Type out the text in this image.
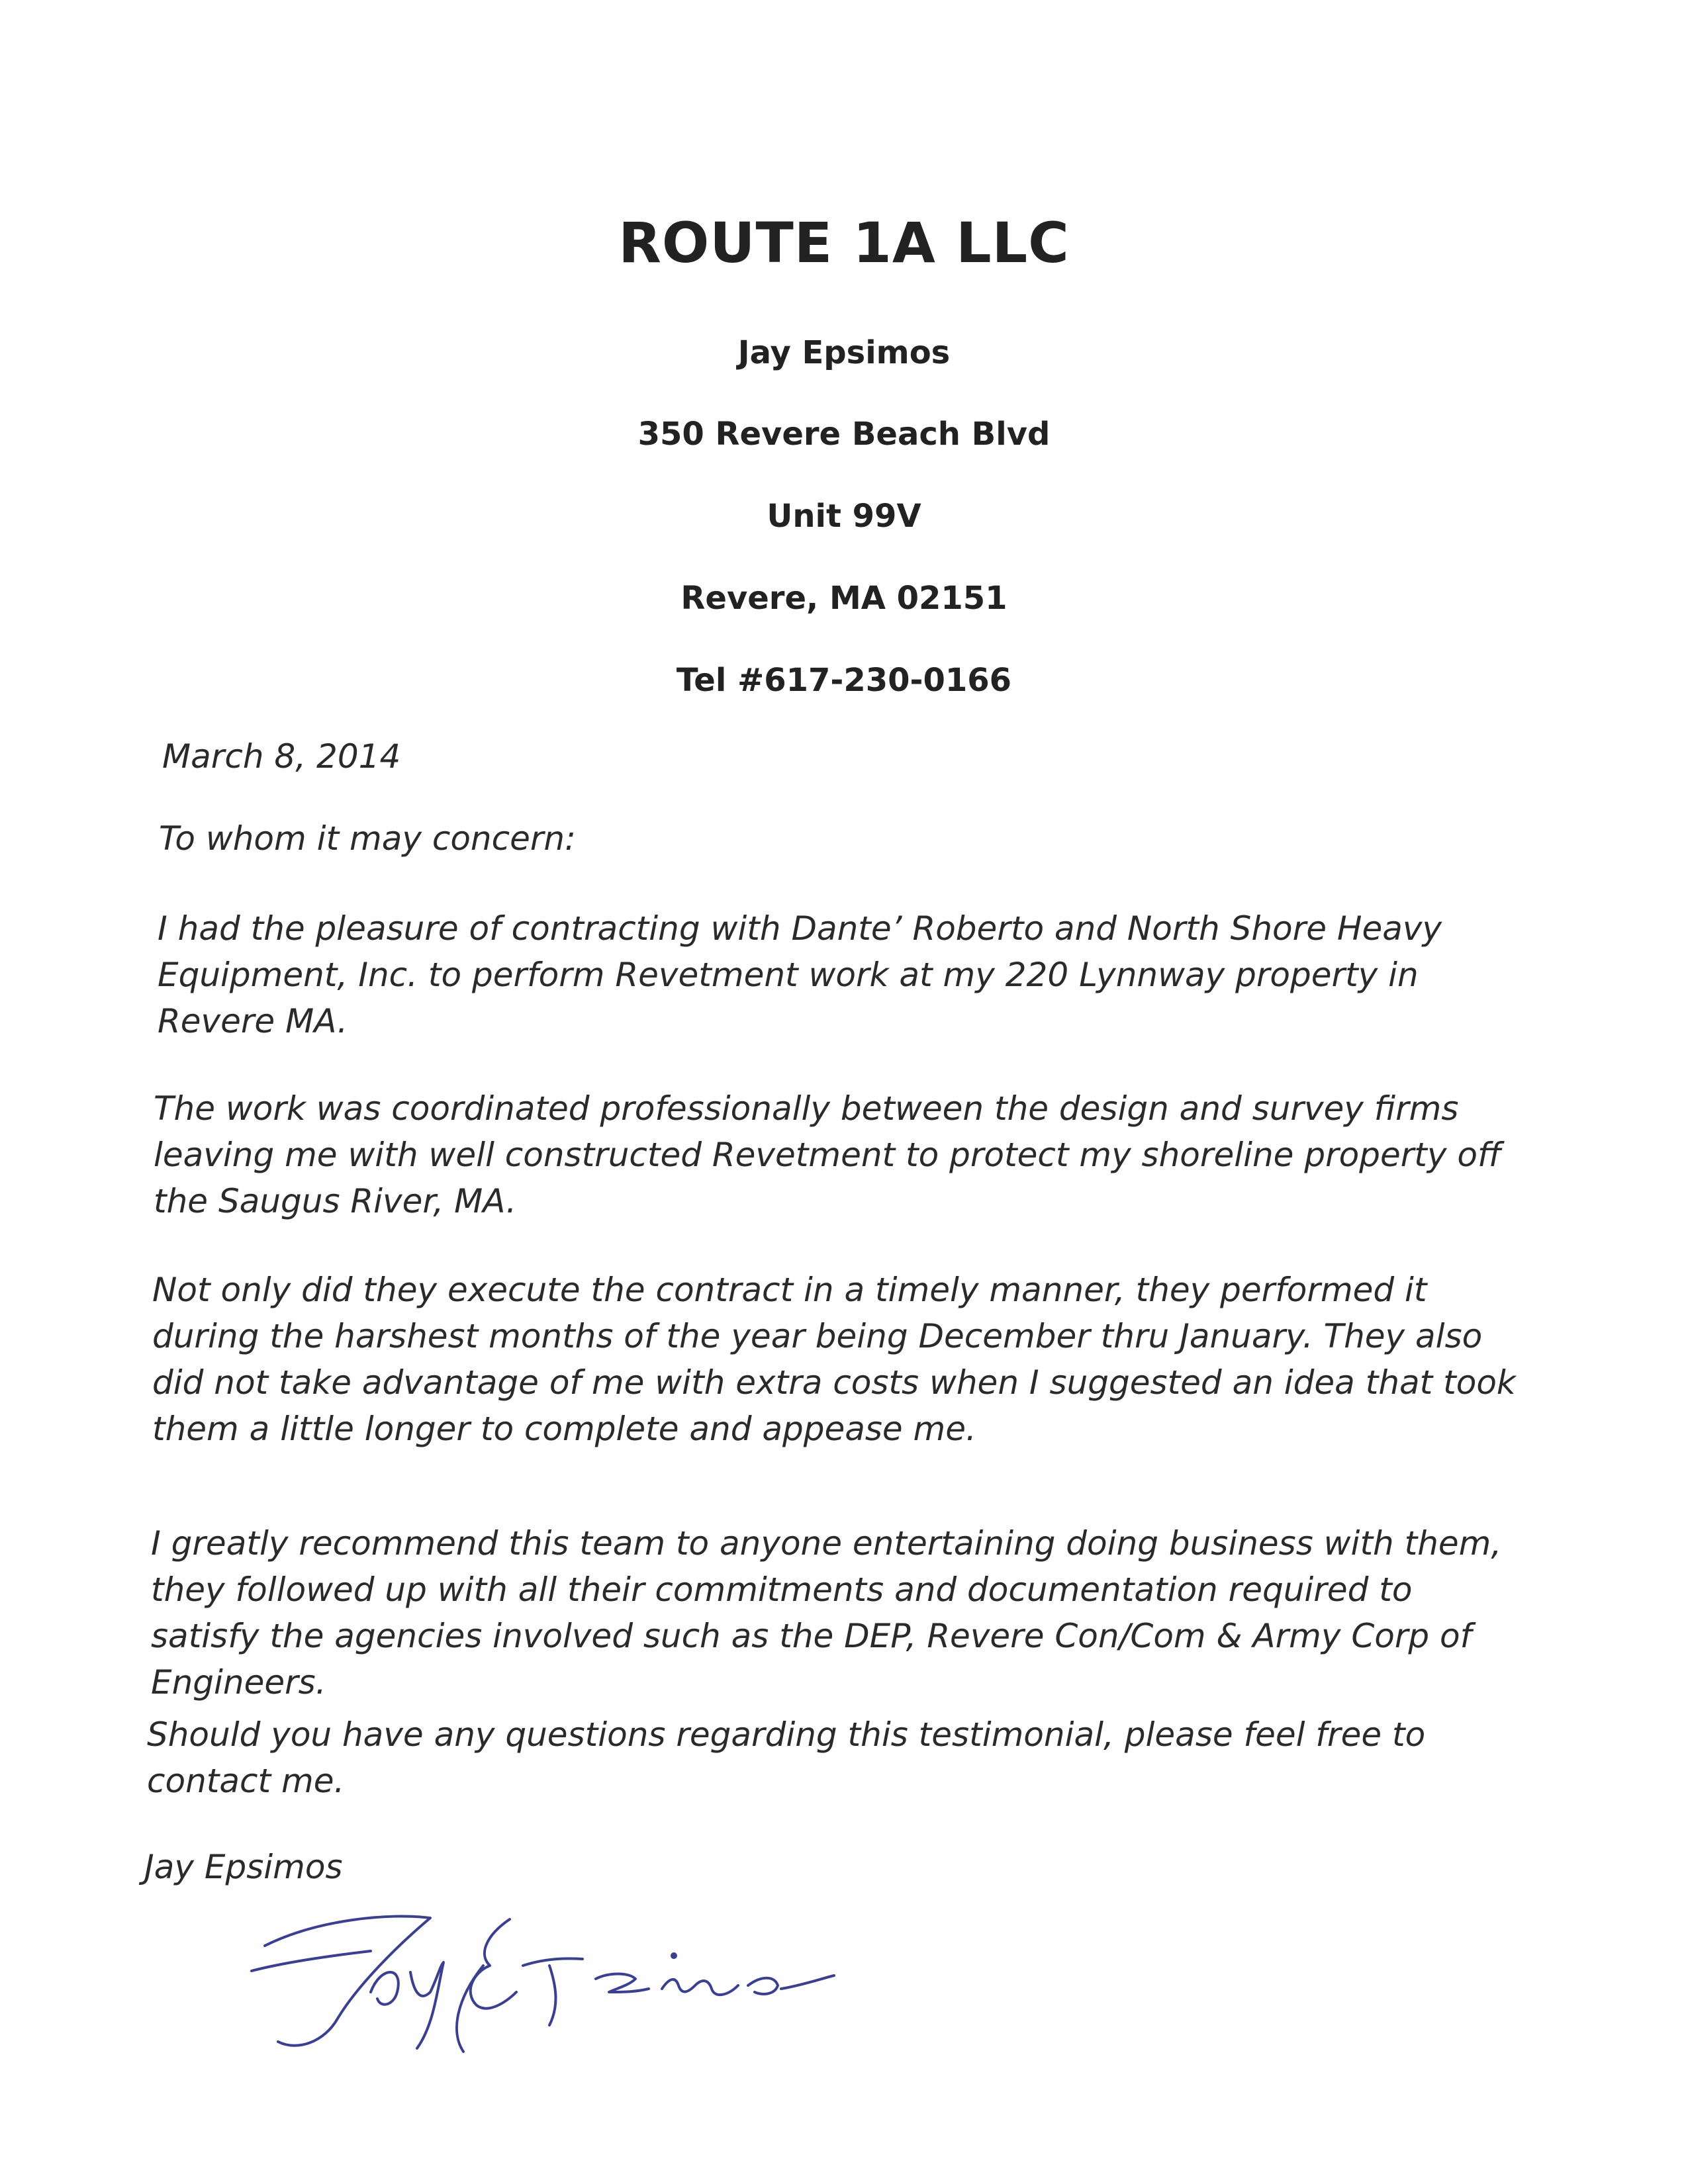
ROUTE 1A LLC
Jay Epsimos
350 Revere Beach Blvd
Unit 99V
Revere, MA 02151
Tel #617-230-0166

March 8, 2014

To whom it may concern:

I had the pleasure of contracting with Dante’ Roberto and North Shore Heavy Equipment, Inc. to perform Revetment work at my 220 Lynnway property in Revere MA.

The work was coordinated professionally between the design and survey firms leaving me with well constructed Revetment to protect my shoreline property off the Saugus River, MA.

Not only did they execute the contract in a timely manner, they performed it during the harshest months of the year being December thru January. They also did not take advantage of me with extra costs when I suggested an idea that took them a little longer to complete and appease me.

I greatly recommend this team to anyone entertaining doing business with them, they followed up with all their commitments and documentation required to satisfy the agencies involved such as the DEP, Revere Con/Com & Army Corp of Engineers.

Should you have any questions regarding this testimonial, please feel free to contact me.

Jay Epsimos
